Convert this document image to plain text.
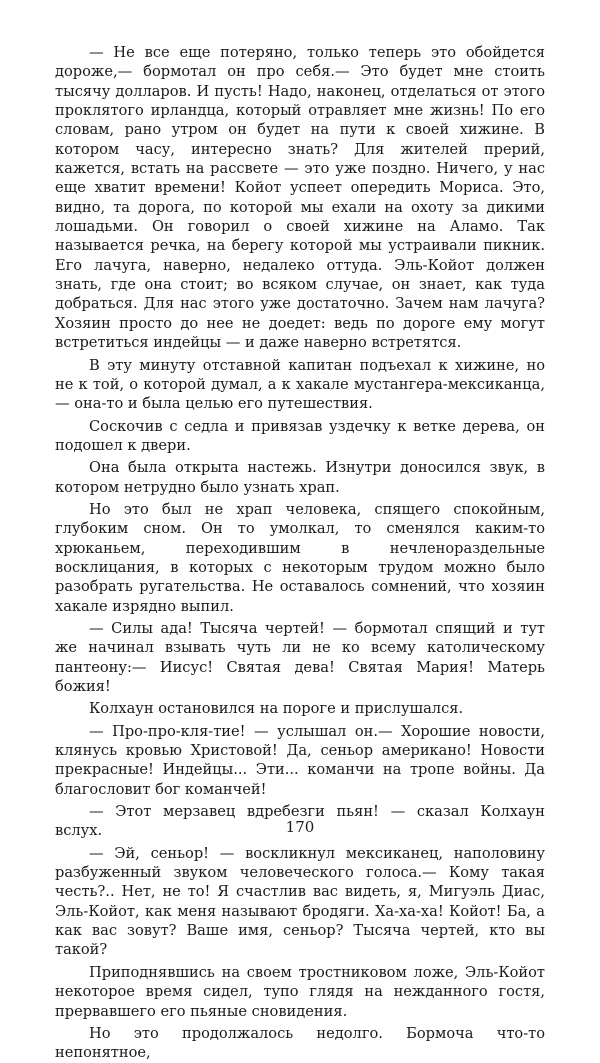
— Не все еще потеряно, только теперь это обойдется дороже,— бормотал он про себя.— Это будет мне стоить тысячу долларов. И пусть! Надо, наконец, отделаться от этого проклятого ирландца, который отравляет мне жизнь! По его словам, рано утром он будет на пути к своей хижине. В котором часу, интересно знать? Для жителей прерий, кажется, встать на рассвете — это уже поздно. Ничего, у нас еще хватит времени! Койот успеет опередить Мориса. Это, видно, та дорога, по которой мы ехали на охоту за дикими лошадьми. Он говорил о своей хижине на Аламо. Так называется речка, на берегу которой мы устраивали пикник. Его лачуга, наверно, недалеко оттуда. Эль-Койот должен знать, где она стоит; во всяком случае, он знает, как туда добраться. Для нас этого уже достаточно. Зачем нам лачуга? Хозяин просто до нее не доедет: ведь по дороге ему могут встретиться индейцы — и даже наверно встретятся.

В эту минуту отставной капитан подъехал к хижине, но не к той, о которой думал, а к хакале мустангера-мексиканца,— она-то и была целью его путешествия.

Соскочив с седла и привязав уздечку к ветке дерева, он подошел к двери.

Она была открыта настежь. Изнутри доносился звук, в котором нетрудно было узнать храп.

Но это был не храп человека, спящего спокойным, глубоким сном. Он то умолкал, то сменялся каким-то хрюканьем, переходившим в нечленораздельные восклицания, в которых с некоторым трудом можно было разобрать ругательства. Не оставалось сомнений, что хозяин хакале изрядно выпил.

— Силы ада! Тысяча чертей! — бормотал спящий и тут же начинал взывать чуть ли не ко всему католическому пантеону:— Иисус! Святая дева! Святая Мария! Матерь божия!

Колхаун остановился на пороге и прислушался.

— Про-про-кля-тие! — услышал он.— Хорошие новости, клянусь кровью Христовой! Да, сеньор американо! Новости прекрасные! Индейцы... Эти... команчи на тропе войны. Да благословит бог команчей!

— Этот мерзавец вдребезги пьян! — сказал Колхаун вслух.

— Эй, сеньор! — воскликнул мексиканец, наполовину разбуженный звуком человеческого голоса.— Кому такая честь?.. Нет, не то! Я счастлив вас видеть, я, Мигуэль Диас, Эль-Койот, как меня называют бродяги. Ха-ха-ха! Койот! Ба, а как вас зовут? Ваше имя, сеньор? Тысяча чертей, кто вы такой?

Приподнявшись на своем тростниковом ложе, Эль-Койот некоторое время сидел, тупо глядя на нежданного гостя, прервавшего его пьяные сновидения.

Но это продолжалось недолго. Бормоча что-то непонятное,

170
